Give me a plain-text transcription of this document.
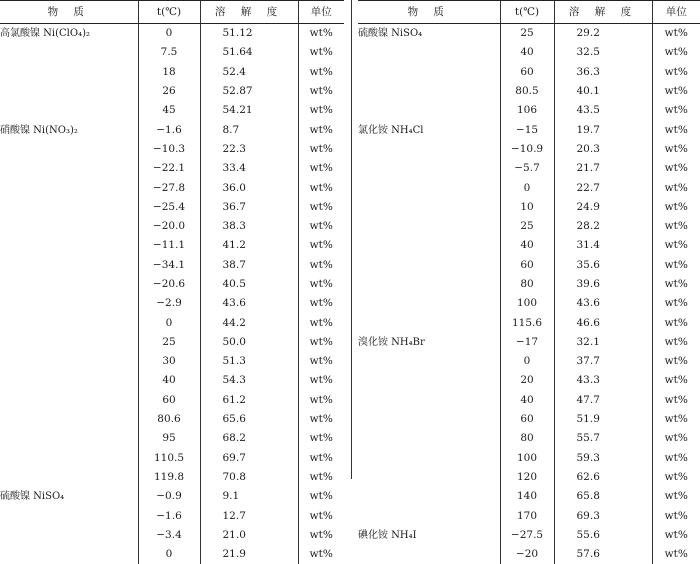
物 质	t(℃)	溶 解 度	单位
高氯酸镍 Ni(ClO₄)₂	0	51.12	wt%
	7.5	51.64	wt%
	18	52.4	wt%
	26	52.87	wt%
	45	54.21	wt%
硝酸镍 Ni(NO₃)₂	−1.6	8.7	wt%
	−10.3	22.3	wt%
	−22.1	33.4	wt%
	−27.8	36.0	wt%
	−25.4	36.7	wt%
	−20.0	38.3	wt%
	−11.1	41.2	wt%
	−34.1	38.7	wt%
	−20.6	40.5	wt%
	−2.9	43.6	wt%
	0	44.2	wt%
	25	50.0	wt%
	30	51.3	wt%
	40	54.3	wt%
	60	61.2	wt%
	80.6	65.6	wt%
	95	68.2	wt%
	110.5	69.7	wt%
	119.8	70.8	wt%
硫酸镍 NiSO₄	−0.9	9.1	wt%
	−1.6	12.7	wt%
	−3.4	21.0	wt%
	0	21.9	wt%
物 质	t(℃)	溶 解 度	单位
硫酸镍 NiSO₄	25	29.2	wt%
	40	32.5	wt%
	60	36.3	wt%
	80.5	40.1	wt%
	106	43.5	wt%
氯化铵 NH₄Cl	−15	19.7	wt%
	−10.9	20.3	wt%
	−5.7	21.7	wt%
	0	22.7	wt%
	10	24.9	wt%
	25	28.2	wt%
	40	31.4	wt%
	60	35.6	wt%
	80	39.6	wt%
	100	43.6	wt%
	115.6	46.6	wt%
溴化铵 NH₄Br	−17	32.1	wt%
	0	37.7	wt%
	20	43.3	wt%
	40	47.7	wt%
	60	51.9	wt%
	80	55.7	wt%
	100	59.3	wt%
	120	62.6	wt%
	140	65.8	wt%
	170	69.3	wt%
碘化铵 NH₄I	−27.5	55.6	wt%
	−20	57.6	wt%
